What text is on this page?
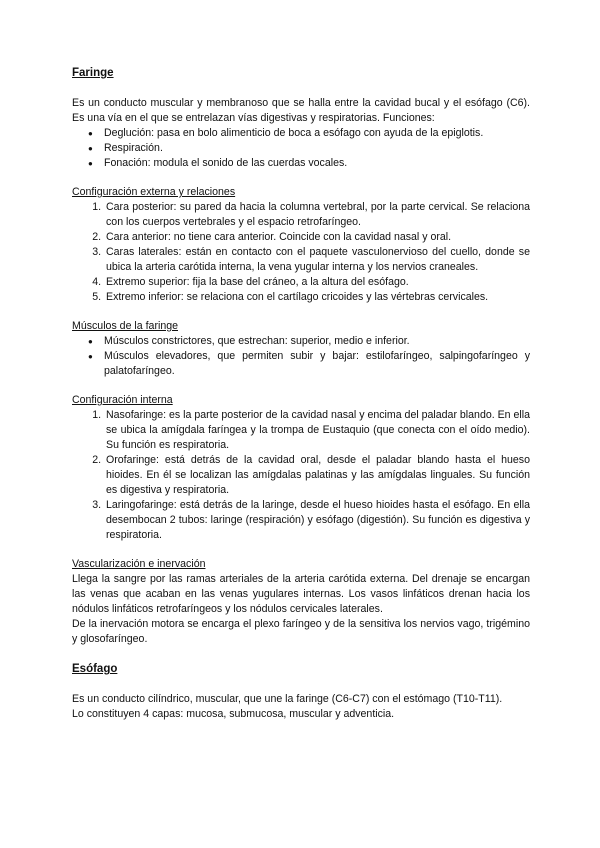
Faringe

Es un conducto muscular y membranoso que se halla entre la cavidad bucal y el esófago (C6). Es una vía en el que se entrelazan vías digestivas y respiratorias. Funciones:

● Deglución: pasa en bolo alimenticio de boca a esófago con ayuda de la epiglotis.
● Respiración.
● Fonación: modula el sonido de las cuerdas vocales.

Configuración externa y relaciones

1. Cara posterior: su pared da hacia la columna vertebral, por la parte cervical. Se relaciona con los cuerpos vertebrales y el espacio retrofaríngeo.
2. Cara anterior: no tiene cara anterior. Coincide con la cavidad nasal y oral.
3. Caras laterales: están en contacto con el paquete vasculonervioso del cuello, donde se ubica la arteria carótida interna, la vena yugular interna y los nervios craneales.
4. Extremo superior: fija la base del cráneo, a la altura del esófago.
5. Extremo inferior: se relaciona con el cartílago cricoides y las vértebras cervicales.

Músculos de la faringe

● Músculos constrictores, que estrechan: superior, medio e inferior.
● Músculos elevadores, que permiten subir y bajar: estilofaríngeo, salpingofaríngeo y palatofaríngeo.

Configuración interna

1. Nasofaringe: es la parte posterior de la cavidad nasal y encima del paladar blando. En ella se ubica la amígdala faríngea y la trompa de Eustaquio (que conecta con el oído medio). Su función es respiratoria.
2. Orofaringe: está detrás de la cavidad oral, desde el paladar blando hasta el hueso hioides. En él se localizan las amígdalas palatinas y las amígdalas linguales. Su función es digestiva y respiratoria.
3. Laringofaringe: está detrás de la laringe, desde el hueso hioides hasta el esófago. En ella desembocan 2 tubos: laringe (respiración) y esófago (digestión). Su función es digestiva y respiratoria.

Vascularización e inervación

Llega la sangre por las ramas arteriales de la arteria carótida externa. Del drenaje se encargan las venas que acaban en las venas yugulares internas. Los vasos linfáticos drenan hacia los nódulos linfáticos retrofaríngeos y los nódulos cervicales laterales.

De la inervación motora se encarga el plexo faríngeo y de la sensitiva los nervios vago, trigémino y glosofaríngeo.

Esófago

Es un conducto cilíndrico, muscular, que une la faringe (C6-C7) con el estómago (T10-T11).

Lo constituyen 4 capas: mucosa, submucosa, muscular y adventicia.
